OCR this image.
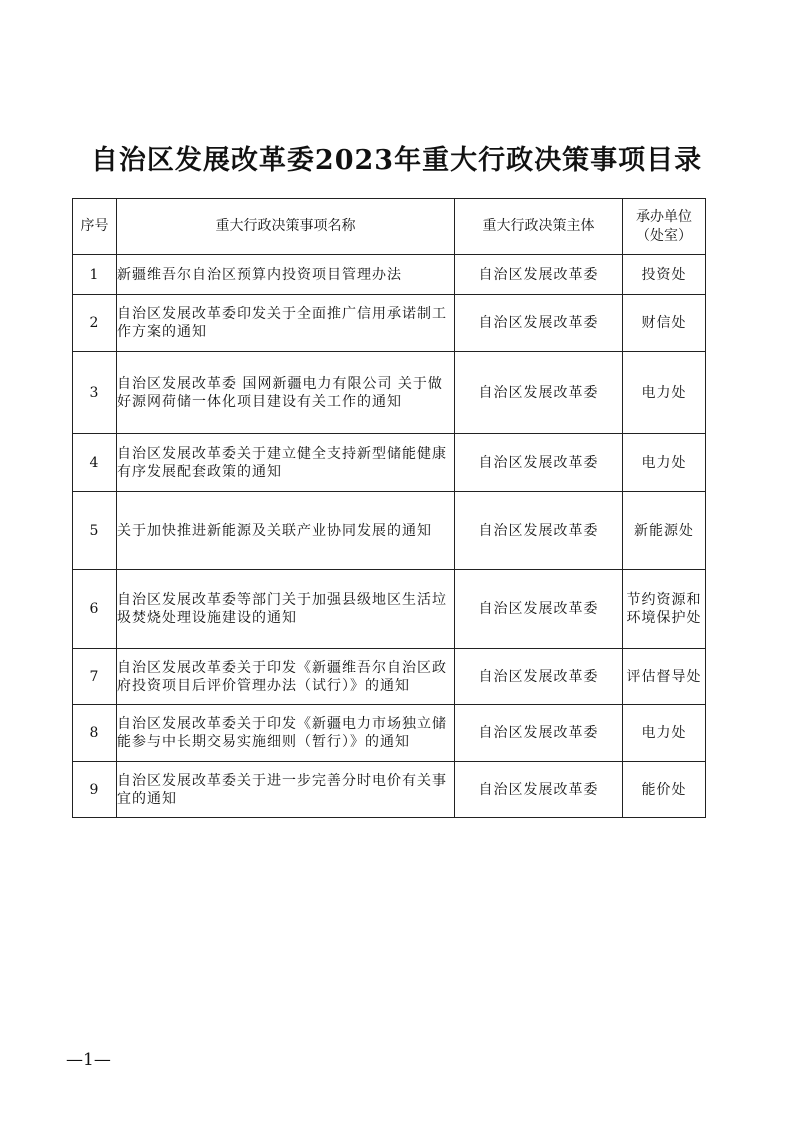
自治区发展改革委2023年重大行政决策事项目录
序号	重大行政决策事项名称	重大行政决策主体	承办单位
（处室）

1	新疆维吾尔自治区预算内投资项目管理办法	自治区发展改革委	投资处
2	自治区发展改革委印发关于全面推广信用承诺制工作方案的通知	自治区发展改革委	财信处
3	自治区发展改革委 国网新疆电力有限公司 关于做好源网荷储一体化项目建设有关工作的通知	自治区发展改革委	电力处
4	自治区发展改革委关于建立健全支持新型储能健康有序发展配套政策的通知	自治区发展改革委	电力处
5	关于加快推进新能源及关联产业协同发展的通知	自治区发展改革委	新能源处
6	自治区发展改革委等部门关于加强县级地区生活垃圾焚烧处理设施建设的通知	自治区发展改革委	节约资源和环境保护处
7	自治区发展改革委关于印发《新疆维吾尔自治区政府投资项目后评价管理办法（试行）》的通知	自治区发展改革委	评估督导处
8	自治区发展改革委关于印发《新疆电力市场独立储能参与中长期交易实施细则（暂行）》的通知	自治区发展改革委	电力处
9	自治区发展改革委关于进一步完善分时电价有关事宜的通知	自治区发展改革委	能价处
—1—
